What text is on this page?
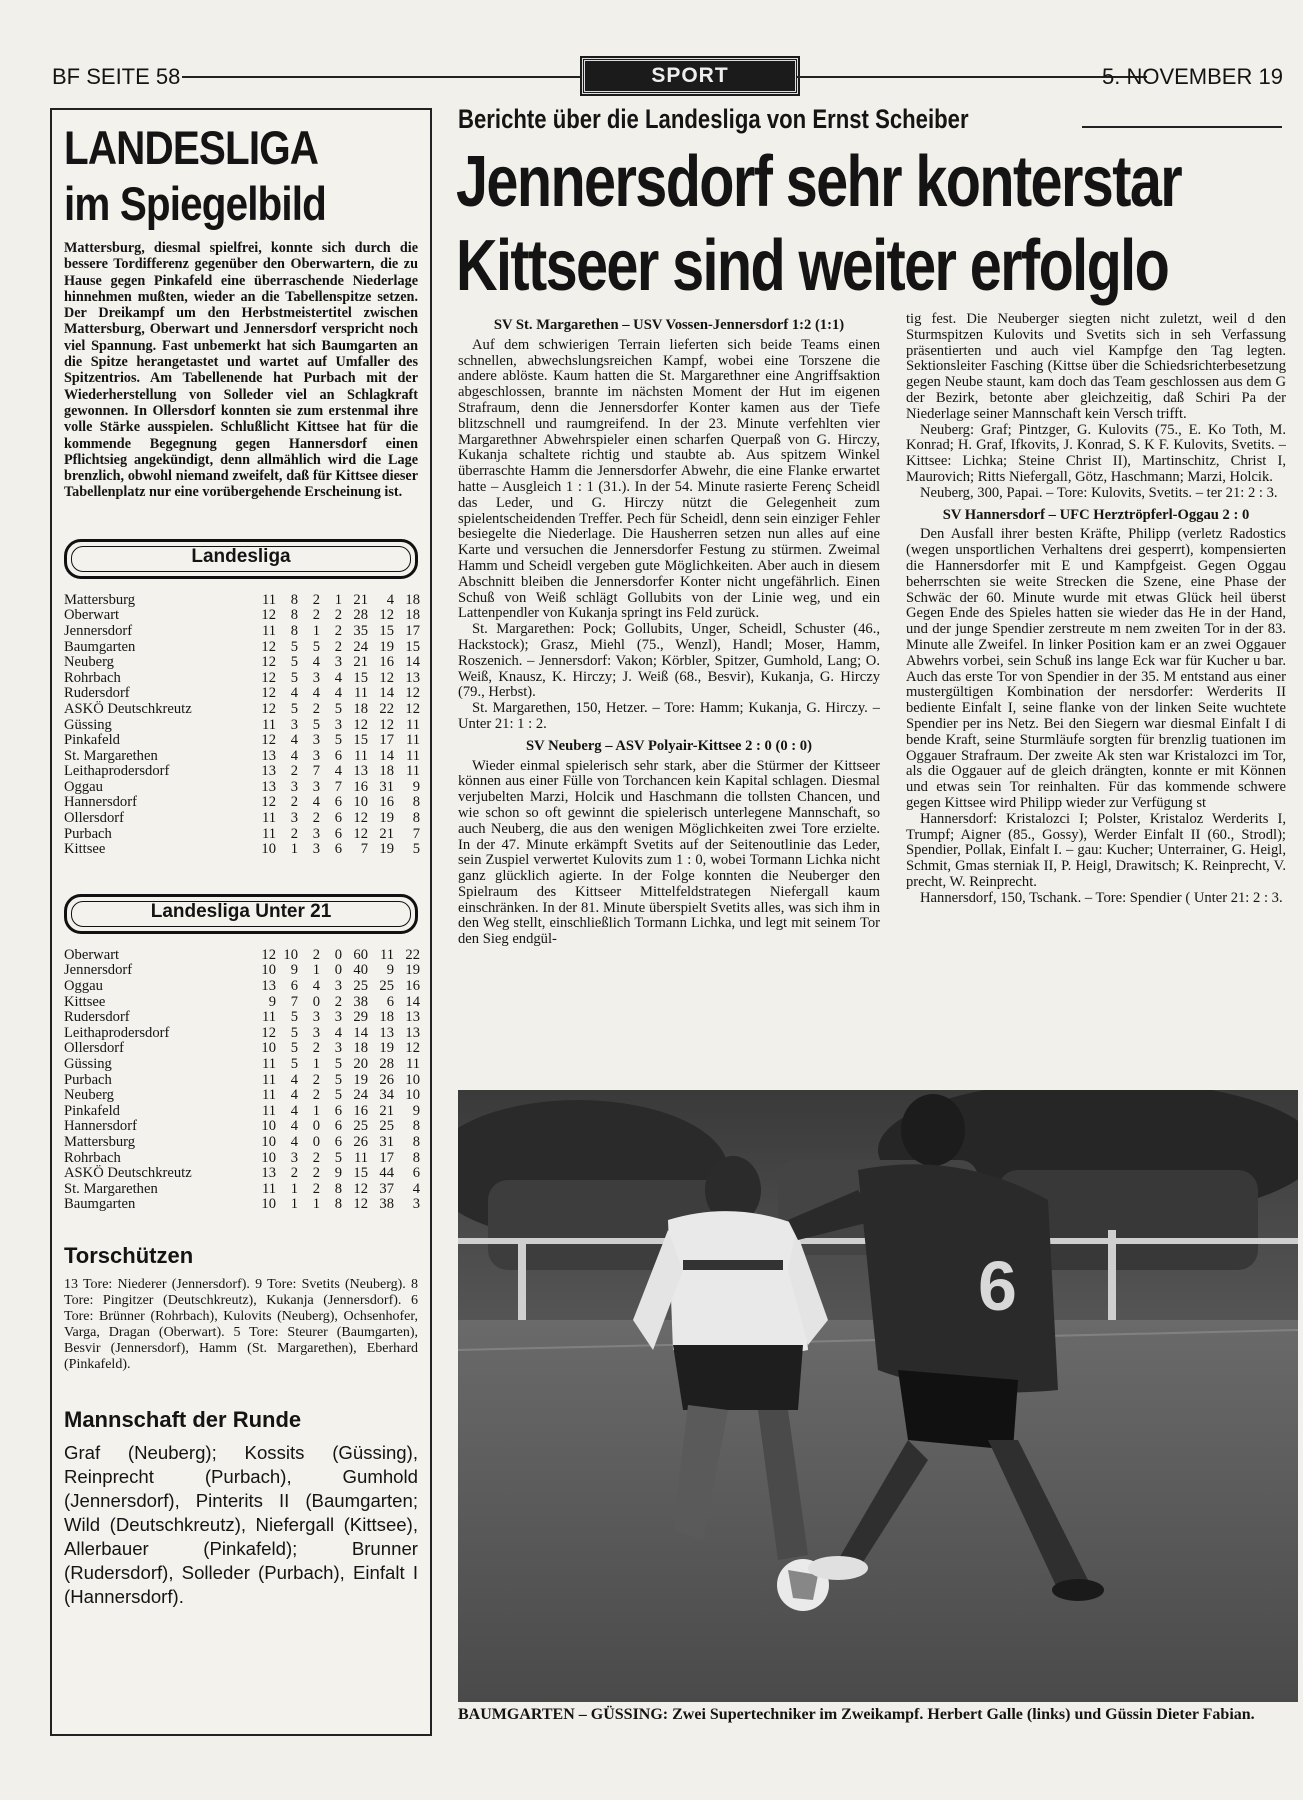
BF SEITE 58	SPORT	5. NOVEMBER 19
LANDESLIGA
im Spiegelbild
Mattersburg, diesmal spielfrei, konnte sich durch die bessere Tordifferenz gegenüber den Oberwartern, die zu Hause gegen Pinkafeld eine überraschende Niederlage hinnehmen mußten, wieder an die Tabellenspitze setzen. Der Dreikampf um den Herbstmeistertitel zwischen Mattersburg, Oberwart und Jennersdorf verspricht noch viel Spannung. Fast unbemerkt hat sich Baumgarten an die Spitze herangetastet und wartet auf Umfaller des Spitzentrios. Am Tabellenende hat Purbach mit der Wiederherstellung von Solleder viel an Schlagkraft gewonnen. In Ollersdorf konnten sie zum erstenmal ihre volle Stärke ausspielen. Schlußlicht Kittsee hat für die kommende Begegnung gegen Hannersdorf einen Pflichtsieg angekündigt, denn allmählich wird die Lage brenzlich, obwohl niemand zweifelt, daß für Kittsee dieser Tabellenplatz nur eine vorübergehende Erscheinung ist.
Landesliga
Mattersburg	11	8	2	1	21	4	18
Oberwart	12	8	2	2	28	12	18
Jennersdorf	11	8	1	2	35	15	17
Baumgarten	12	5	5	2	24	19	15
Neuberg	12	5	4	3	21	16	14
Rohrbach	12	5	3	4	15	12	13
Rudersdorf	12	4	4	4	11	14	12
ASKÖ Deutschkreutz	12	5	2	5	18	22	12
Güssing	11	3	5	3	12	12	11
Pinkafeld	12	4	3	5	15	17	11
St. Margarethen	13	4	3	6	11	14	11
Leithaprodersdorf	13	2	7	4	13	18	11
Oggau	13	3	3	7	16	31	9
Hannersdorf	12	2	4	6	10	16	8
Ollersdorf	11	3	2	6	12	19	8
Purbach	11	2	3	6	12	21	7
Kittsee	10	1	3	6	7	19	5
Landesliga Unter 21
Oberwart	12	10	2	0	60	11	22
Jennersdorf	10	9	1	0	40	9	19
Oggau	13	6	4	3	25	25	16
Kittsee	9	7	0	2	38	6	14
Rudersdorf	11	5	3	3	29	18	13
Leithaprodersdorf	12	5	3	4	14	13	13
Ollersdorf	10	5	2	3	18	19	12
Güssing	11	5	1	5	20	28	11
Purbach	11	4	2	5	19	26	10
Neuberg	11	4	2	5	24	34	10
Pinkafeld	11	4	1	6	16	21	9
Hannersdorf	10	4	0	6	25	25	8
Mattersburg	10	4	0	6	26	31	8
Rohrbach	10	3	2	5	11	17	8
ASKÖ Deutschkreutz	13	2	2	9	15	44	6
St. Margarethen	11	1	2	8	12	37	4
Baumgarten	10	1	1	8	12	38	3
Torschützen
13 Tore: Niederer (Jennersdorf). 9 Tore: Svetits (Neuberg). 8 Tore: Pingitzer (Deutschkreutz), Kukanja (Jennersdorf). 6 Tore: Brünner (Rohrbach), Kulovits (Neuberg), Ochsenhofer, Varga, Dragan (Oberwart). 5 Tore: Steurer (Baumgarten), Besvir (Jennersdorf), Hamm (St. Margarethen), Eberhard (Pinkafeld).
Mannschaft der Runde
Graf (Neuberg); Kossits (Güssing), Reinprecht (Purbach), Gumhold (Jennersdorf), Pinterits II (Baumgarten; Wild (Deutschkreutz), Niefergall (Kittsee), Allerbauer (Pinkafeld); Brunner (Rudersdorf), Solleder (Purbach), Einfalt I (Hannersdorf).
Berichte über die Landesliga von Ernst Scheiber
Jennersdorf sehr konterstar
Kittseer sind weiter erfolglo

SV St. Margarethen – USV Vossen-Jennersdorf 1:2 (1:1)

Auf dem schwierigen Terrain lieferten sich beide Teams einen schnellen, abwechslungsreichen Kampf, wobei eine Torszene die andere ablöste. Kaum hatten die St. Margarethner eine Angriffsaktion abgeschlossen, brannte im nächsten Moment der Hut im eigenen Strafraum, denn die Jennersdorfer Konter kamen aus der Tiefe blitzschnell und raumgreifend. In der 23. Minute verfehlten vier Margarethner Abwehrspieler einen scharfen Querpaß von G. Hirczy, Kukanja schaltete richtig und staubte ab. Aus spitzem Winkel überraschte Hamm die Jennersdorfer Abwehr, die eine Flanke erwartet hatte – Ausgleich 1 : 1 (31.). In der 54. Minute rasierte Ferenç Scheidl das Leder, und G. Hirczy nützt die Gelegenheit zum spielentscheidenden Treffer. Pech für Scheidl, denn sein einziger Fehler besiegelte die Niederlage. Die Hausherren setzen nun alles auf eine Karte und versuchen die Jennersdorfer Festung zu stürmen. Zweimal Hamm und Scheidl vergeben gute Möglichkeiten. Aber auch in diesem Abschnitt bleiben die Jennersdorfer Konter nicht ungefährlich. Einen Schuß von Weiß schlägt Gollubits von der Linie weg, und ein Lattenpendler von Kukanja springt ins Feld zurück.

St. Margarethen: Pock; Gollubits, Unger, Scheidl, Schuster (46., Hackstock); Grasz, Miehl (75., Wenzl), Handl; Moser, Hamm, Roszenich. – Jennersdorf: Vakon; Körbler, Spitzer, Gumhold, Lang; O. Weiß, Knausz, K. Hirczy; J. Weiß (68., Besvir), Kukanja, G. Hirczy (79., Herbst).

St. Margarethen, 150, Hetzer. – Tore: Hamm; Kukanja, G. Hirczy. – Unter 21: 1 : 2.

SV Neuberg – ASV Polyair-Kittsee 2 : 0 (0 : 0)

Wieder einmal spielerisch sehr stark, aber die Stürmer der Kittseer können aus einer Fülle von Torchancen kein Kapital schlagen. Diesmal verjubelten Marzi, Holcik und Haschmann die tollsten Chancen, und wie schon so oft gewinnt die spielerisch unterlegene Mannschaft, so auch Neuberg, die aus den wenigen Möglichkeiten zwei Tore erzielte. In der 47. Minute erkämpft Svetits auf der Seitenoutlinie das Leder, sein Zuspiel verwertet Kulovits zum 1 : 0, wobei Tormann Lichka nicht ganz glücklich agierte. In der Folge konnten die Neuberger den Spielraum des Kittseer Mittelfeldstrategen Niefergall kaum einschränken. In der 81. Minute überspielt Svetits alles, was sich ihm in den Weg stellt, einschließlich Tormann Lichka, und legt mit seinem Tor den Sieg endgül-

tig fest. Die Neuberger siegten nicht zuletzt, weil d den Sturmspitzen Kulovits und Svetits sich in seh Verfassung präsentierten und auch viel Kampfge den Tag legten. Sektionsleiter Fasching (Kittse über die Schiedsrichterbesetzung gegen Neube staunt, kam doch das Team geschlossen aus dem G der Bezirk, betonte aber gleichzeitig, daß Schiri Pa der Niederlage seiner Mannschaft kein Versch trifft.

Neuberg: Graf; Pintzger, G. Kulovits (75., E. Ko Toth, M. Konrad; H. Graf, Ifkovits, J. Konrad, S. K F. Kulovits, Svetits. – Kittsee: Lichka; Steine Christ II), Martinschitz, Christ I, Maurovich; Ritts Niefergall, Götz, Haschmann; Marzi, Holcik.

Neuberg, 300, Papai. – Tore: Kulovits, Svetits. – ter 21: 2 : 3.

SV Hannersdorf – UFC Herztröpferl-Oggau 2 : 0

Den Ausfall ihrer besten Kräfte, Philipp (verletz Radostics (wegen unsportlichen Verhaltens drei gesperrt), kompensierten die Hannersdorfer mit E und Kampfgeist. Gegen Oggau beherrschten sie weite Strecken die Szene, eine Phase der Schwäc der 60. Minute wurde mit etwas Glück heil überst Gegen Ende des Spieles hatten sie wieder das He in der Hand, und der junge Spendier zerstreute m nem zweiten Tor in der 83. Minute alle Zweifel. In linker Position kam er an zwei Oggauer Abwehrs vorbei, sein Schuß ins lange Eck war für Kucher u bar. Auch das erste Tor von Spendier in der 35. M entstand aus einer mustergültigen Kombination der nersdorfer: Werderits II bediente Einfalt I, seine flanke von der linken Seite wuchtete Spendier per ins Netz. Bei den Siegern war diesmal Einfalt I di bende Kraft, seine Sturmläufe sorgten für brenzlig tuationen im Oggauer Strafraum. Der zweite Ak sten war Kristalozci im Tor, als die Oggauer auf de gleich drängten, konnte er mit Können und etwas sein Tor reinhalten. Für das kommende schwere gegen Kittsee wird Philipp wieder zur Verfügung st

Hannersdorf: Kristalozci I; Polster, Kristaloz Werderits I, Trumpf; Aigner (85., Gossy), Werder Einfalt II (60., Strodl); Spendier, Pollak, Einfalt I. – gau: Kucher; Unterrainer, G. Heigl, Schmit, Gmas sterniak II, P. Heigl, Drawitsch; K. Reinprecht, V. precht, W. Reinprecht.

Hannersdorf, 150, Tschank. – Tore: Spendier ( Unter 21: 2 : 3.

6
BAUMGARTEN – GÜSSING: Zwei Supertechniker im Zweikampf. Herbert Galle (links) und Güssin Dieter Fabian.
